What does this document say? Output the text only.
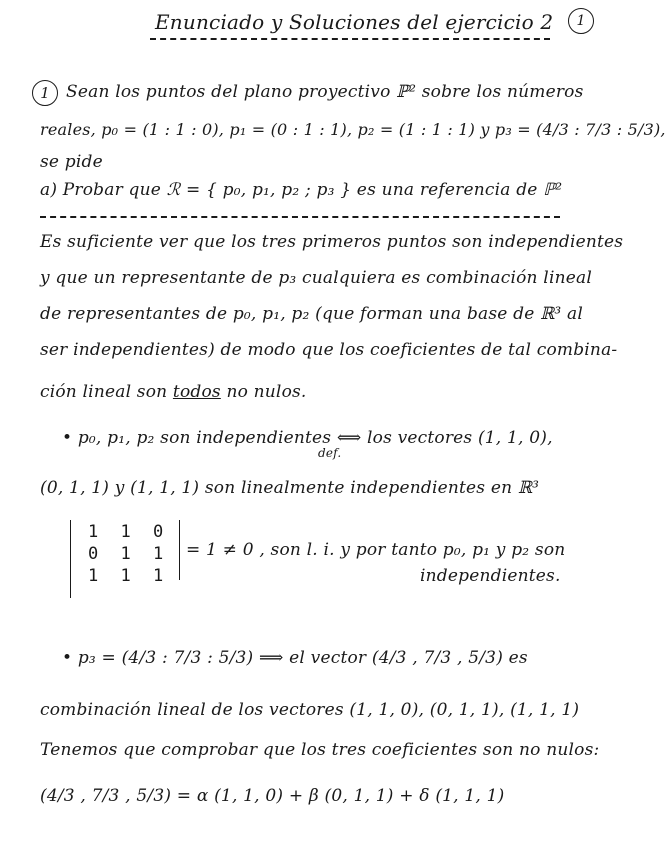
Enunciado y Soluciones del ejercicio 2	1
1 Sean los puntos del plano proyectivo ℙ² sobre los números
reales, p₀ = (1 : 1 : 0), p₁ = (0 : 1 : 1), p₂ = (1 : 1 : 1) y p₃ = (4/3 : 7/3 : 5/3),
se pide
a) Probar que ℛ = { p₀, p₁, p₂ ; p₃ } es una referencia de ℙ²
Es suficiente ver que los tres primeros puntos son independientes
y que un representante de p₃ cualquiera es combinación lineal
de representantes de p₀, p₁, p₂ (que forman una base de ℝ³ al
ser independientes) de modo que los coeficientes de tal combina-
ción lineal son todos no nulos.
• p₀, p₁, p₂ son independientes ⟺ los vectores (1, 1, 0),
def.
(0, 1, 1) y (1, 1, 1) son linealmente independientes en ℝ³
1 1 0
0 1 1
1 1 1
= 1 ≠ 0 , son l. i. y por tanto p₀, p₁ y p₂ son
independientes.
• p₃ = (4/3 : 7/3 : 5/3) ⟹ el vector (4/3 , 7/3 , 5/3) es
combinación lineal de los vectores (1, 1, 0), (0, 1, 1), (1, 1, 1)
Tenemos que comprobar que los tres coeficientes son no nulos:
(4/3 , 7/3 , 5/3) = α (1, 1, 0) + β (0, 1, 1) + δ (1, 1, 1)
